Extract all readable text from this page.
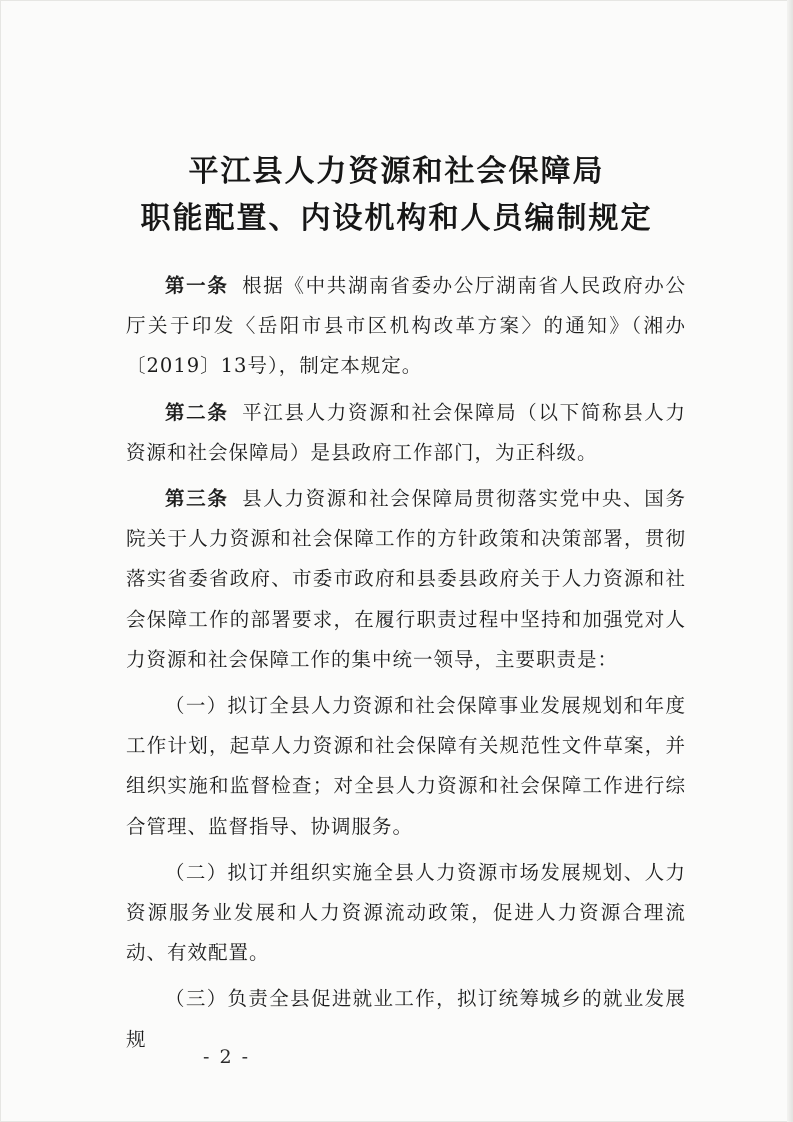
平江县人力资源和社会保障局
职能配置、内设机构和人员编制规定

第一条 根据《中共湖南省委办公厅湖南省人民政府办公厅关于印发〈岳阳市县市区机构改革方案〉的通知》（湘办〔2019〕13号），制定本规定。

第二条 平江县人力资源和社会保障局（以下简称县人力资源和社会保障局）是县政府工作部门，为正科级。

第三条 县人力资源和社会保障局贯彻落实党中央、国务院关于人力资源和社会保障工作的方针政策和决策部署，贯彻落实省委省政府、市委市政府和县委县政府关于人力资源和社会保障工作的部署要求，在履行职责过程中坚持和加强党对人力资源和社会保障工作的集中统一领导，主要职责是：

（一）拟订全县人力资源和社会保障事业发展规划和年度工作计划，起草人力资源和社会保障有关规范性文件草案，并组织实施和监督检查；对全县人力资源和社会保障工作进行综合管理、监督指导、协调服务。

（二）拟订并组织实施全县人力资源市场发展规划、人力资源服务业发展和人力资源流动政策，促进人力资源合理流动、有效配置。

（三）负责全县促进就业工作，拟订统筹城乡的就业发展规

- 2 -
